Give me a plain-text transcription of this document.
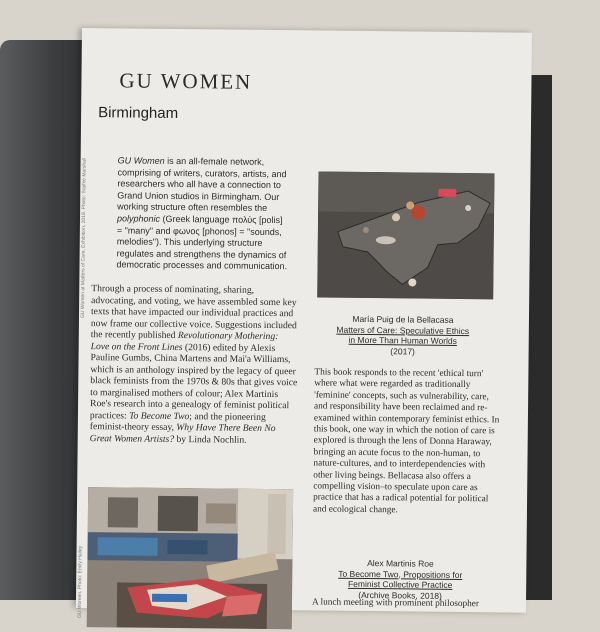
GU WOMEN
Birmingham
GU Women at Matters of Care, Exhibition, 2018. Photo: Sophie Marshall
GU Women, Photo: Emily Hailey
GU Women is an all-female network, comprising of writers, curators, artists, and researchers who all have a connection to Grand Union studios in Birmingham. Our working structure often resembles the polyphonic (Greek language πολύς [polis] = "many" and φωνος [phonos] = "sounds, melodies"). This underlying structure regulates and strengthens the dynamics of democratic processes and communication.
Through a process of nominating, sharing, advocating, and voting, we have assembled some key texts that have impacted our individual practices and now frame our collective voice. Suggestions included the recently published Revolutionary Mothering: Love on the Front Lines (2016) edited by Alexis Pauline Gumbs, China Martens and Mai'a Williams, which is an anthology inspired by the legacy of queer black feminists from the 1970s & 80s that gives voice to marginalised mothers of colour; Alex Martinis Roe's research into a genealogy of feminist political practices: To Become Two; and the pioneering feminist-theory essay, Why Have There Been No Great Women Artists? by Linda Nochlin.
María Puig de la Bellacasa
Matters of Care: Speculative Ethics
in More Than Human Worlds
(2017)
This book responds to the recent 'ethical turn' where what were regarded as traditionally 'feminine' concepts, such as vulnerability, care, and responsibility have been reclaimed and re-examined within contemporary feminist ethics. In this book, one way in which the notion of care is explored is through the lens of Donna Haraway, bringing an acute focus to the non-human, to nature-cultures, and to interdependencies with other living beings. Bellacasa also offers a compelling vision–to speculate upon care as practice that has a radical potential for political and ecological change.
Alex Martinis Roe
To Become Two, Propositions for
Feminist Collective Practice
(Archive Books, 2018)
A lunch meeting with prominent philosopher
